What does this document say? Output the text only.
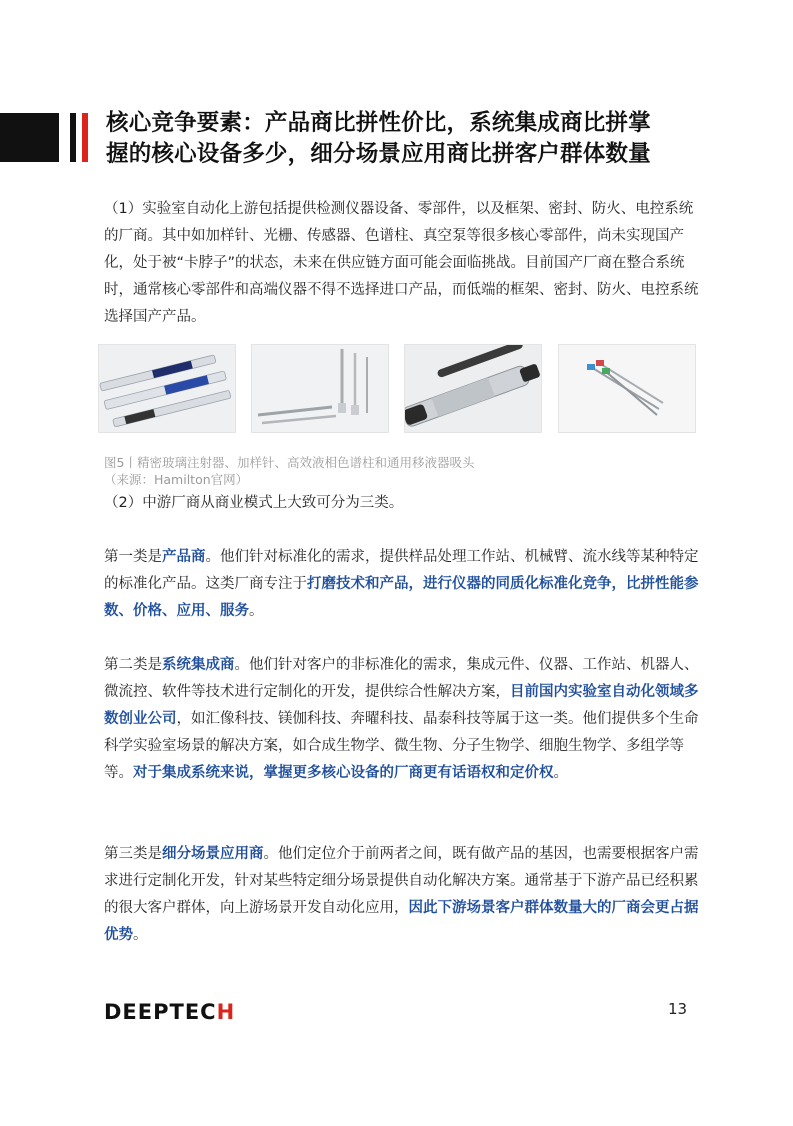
核心竞争要素：产品商比拼性价比，系统集成商比拼掌
握的核心设备多少，细分场景应用商比拼客户群体数量

（1）实验室自动化上游包括提供检测仪器设备、零部件，以及框架、密封、防火、电控系统的厂商。其中如加样针、光栅、传感器、色谱柱、真空泵等很多核心零部件，尚未实现国产化，处于被“卡脖子”的状态，未来在供应链方面可能会面临挑战。目前国产厂商在整合系统时，通常核心零部件和高端仪器不得不选择进口产品，而低端的框架、密封、防火、电控系统选择国产产品。

图5丨精密玻璃注射器、加样针、高效液相色谱柱和通用移液器吸头
（来源：Hamilton官网）

（2）中游厂商从商业模式上大致可分为三类。

第一类是产品商。他们针对标准化的需求，提供样品处理工作站、机械臂、流水线等某种特定的标准化产品。这类厂商专注于打磨技术和产品，进行仪器的同质化标准化竞争，比拼性能参数、价格、应用、服务。

第二类是系统集成商。他们针对客户的非标准化的需求，集成元件、仪器、工作站、机器人、微流控、软件等技术进行定制化的开发，提供综合性解决方案，目前国内实验室自动化领域多数创业公司，如汇像科技、镁伽科技、奔曜科技、晶泰科技等属于这一类。他们提供多个生命科学实验室场景的解决方案，如合成生物学、微生物、分子生物学、细胞生物学、多组学等等。对于集成系统来说，掌握更多核心设备的厂商更有话语权和定价权。

第三类是细分场景应用商。他们定位介于前两者之间，既有做产品的基因，也需要根据客户需求进行定制化开发，针对某些特定细分场景提供自动化解决方案。通常基于下游产品已经积累的很大客户群体，向上游场景开发自动化应用，因此下游场景客户群体数量大的厂商会更占据优势。

DEEPTECH	13
